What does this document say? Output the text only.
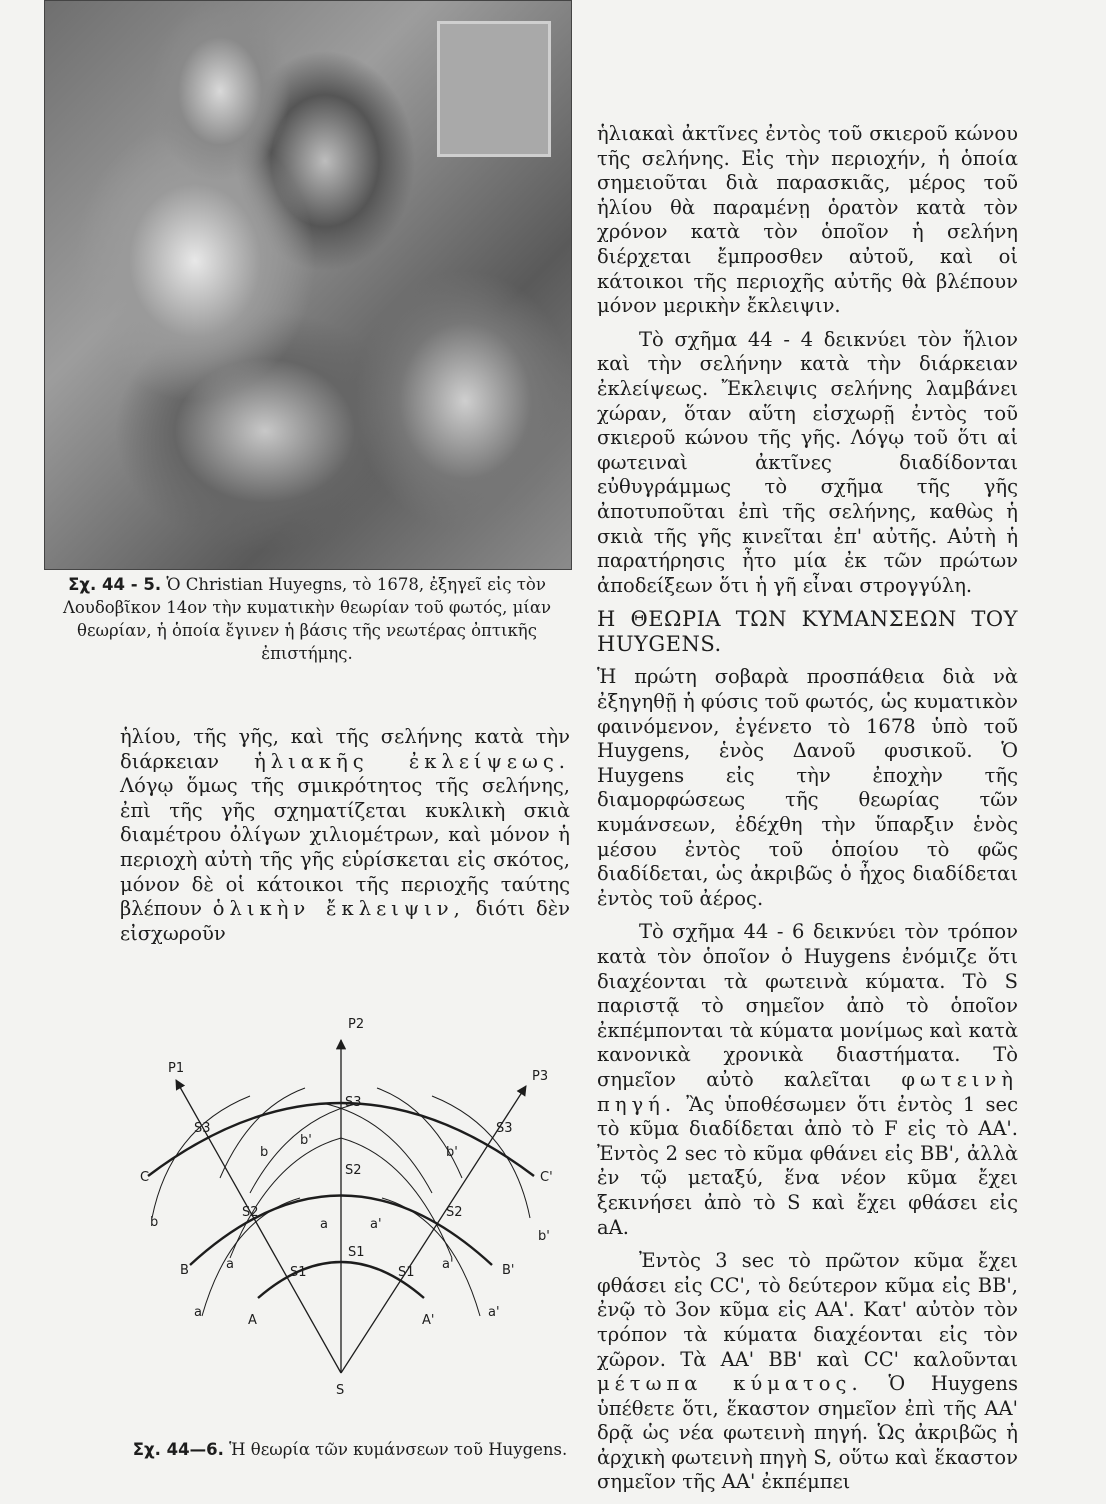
Σχ. 44 - 5. Ὁ Christian Huyegns, τὸ 1678, ἐξηγεῖ εἰς τὸν Λουδοβῖκον 14ον τὴν κυματικὴν θεωρίαν τοῦ φωτός, μίαν θεωρίαν, ἡ ὁποία ἔγινεν ἡ βάσις τῆς νεωτέρας ὀπτικῆς ἐπιστήμης.

ἡλίου, τῆς γῆς, καὶ τῆς σελήνης κατὰ τὴν διάρκειαν ἡλιακῆς ἐκλείψεως. Λόγῳ ὅμως τῆς σμικρότητος τῆς σελήνης, ἐπὶ τῆς γῆς σχηματίζεται κυκλικὴ σκιὰ διαμέτρου ὀλίγων χιλιομέτρων, καὶ μόνον ἡ περιοχὴ αὐτὴ τῆς γῆς εὑρίσκεται εἰς σκότος, μόνον δὲ οἱ κάτοικοι τῆς περιοχῆς ταύτης βλέπουν ὁλικὴν ἔκλειψιν, διότι δὲν εἰσχωροῦν

P2
P1
P3
S3
S3	S3
C	C'
b
b'
b'
b
b'
S2
S2	S2
a	a'
B	B'
a	a'
S1
S1	S1
a	a'
A	A'
S
Σχ. 44—6. Ἡ θεωρία τῶν κυμάνσεων τοῦ Huygens.

ἡλιακαὶ ἀκτῖνες ἐντὸς τοῦ σκιεροῦ κώνου τῆς σελήνης. Εἰς τὴν περιοχήν, ἡ ὁποία σημειοῦται διὰ παρασκιᾶς, μέρος τοῦ ἡλίου θὰ παραμένῃ ὁρατὸν κατὰ τὸν χρόνον κατὰ τὸν ὁποῖον ἡ σελήνη διέρχεται ἔμπροσθεν αὐτοῦ, καὶ οἱ κάτοικοι τῆς περιοχῆς αὐτῆς θὰ βλέπουν μόνον μερικὴν ἔκλειψιν.

Τὸ σχῆμα 44 - 4 δεικνύει τὸν ἥλιον καὶ τὴν σελήνην κατὰ τὴν διάρκειαν ἐκλείψεως. Ἔκλειψις σελήνης λαμβάνει χώραν, ὅταν αὕτη εἰσχωρῇ ἐντὸς τοῦ σκιεροῦ κώνου τῆς γῆς. Λόγῳ τοῦ ὅτι αἱ φωτειναὶ ἀκτῖνες διαδίδονται εὐθυγράμμως τὸ σχῆμα τῆς γῆς ἀποτυποῦται ἐπὶ τῆς σελήνης, καθὼς ἡ σκιὰ τῆς γῆς κινεῖται ἐπ' αὐτῆς. Αὐτὴ ἡ παρατήρησις ἦτο μία ἐκ τῶν πρώτων ἀποδείξεων ὅτι ἡ γῆ εἶναι στρογγύλη.

Η ΘΕΩΡΙΑ ΤΩΝ ΚΥΜΑΝΣΕΩΝ ΤΟΥ HUYGENS.

Ἡ πρώτη σοβαρὰ προσπάθεια διὰ νὰ ἐξηγηθῇ ἡ φύσις τοῦ φωτός, ὡς κυματικὸν φαινόμενον, ἐγένετο τὸ 1678 ὑπὸ τοῦ Huygens, ἑνὸς Δανοῦ φυσικοῦ. Ὁ Huygens εἰς τὴν ἐποχὴν τῆς διαμορφώσεως τῆς θεωρίας τῶν κυμάνσεων, ἐδέχθη τὴν ὕπαρξιν ἑνὸς μέσου ἐντὸς τοῦ ὁποίου τὸ φῶς διαδίδεται, ὡς ἀκριβῶς ὁ ἦχος διαδίδεται ἐντὸς τοῦ ἀέρος.

Τὸ σχῆμα 44 - 6 δεικνύει τὸν τρόπον κατὰ τὸν ὁποῖον ὁ Huygens ἐνόμιζε ὅτι διαχέονται τὰ φωτεινὰ κύματα. Τὸ S παριστᾷ τὸ σημεῖον ἀπὸ τὸ ὁποῖον ἐκπέμπονται τὰ κύματα μονίμως καὶ κατὰ κανονικὰ χρονικὰ διαστήματα. Τὸ σημεῖον αὐτὸ καλεῖται φωτεινὴ πηγή. Ἂς ὑποθέσωμεν ὅτι ἐντὸς 1 sec τὸ κῦμα διαδίδεται ἀπὸ τὸ F εἰς τὸ AA'. Ἐντὸς 2 sec τὸ κῦμα φθάνει εἰς BB', ἀλλὰ ἐν τῷ μεταξύ, ἕνα νέον κῦμα ἔχει ξεκινήσει ἀπὸ τὸ S καὶ ἔχει φθάσει εἰς aA.

Ἐντὸς 3 sec τὸ πρῶτον κῦμα ἔχει φθάσει εἰς CC', τὸ δεύτερον κῦμα εἰς BB', ἐνῷ τὸ 3ον κῦμα εἰς AA'. Κατ' αὐτὸν τὸν τρόπον τὰ κύματα διαχέονται εἰς τὸν χῶρον. Τὰ AA' BB' καὶ CC' καλοῦνται μέτωπα κύματος. Ὁ Huygens ὑπέθετε ὅτι, ἕκαστον σημεῖον ἐπὶ τῆς AA' δρᾷ ὡς νέα φωτεινὴ πηγή. Ὡς ἀκριβῶς ἡ ἀρχικὴ φωτεινὴ πηγὴ S, οὕτω καὶ ἕκαστον σημεῖον τῆς AA' ἐκπέμπει
